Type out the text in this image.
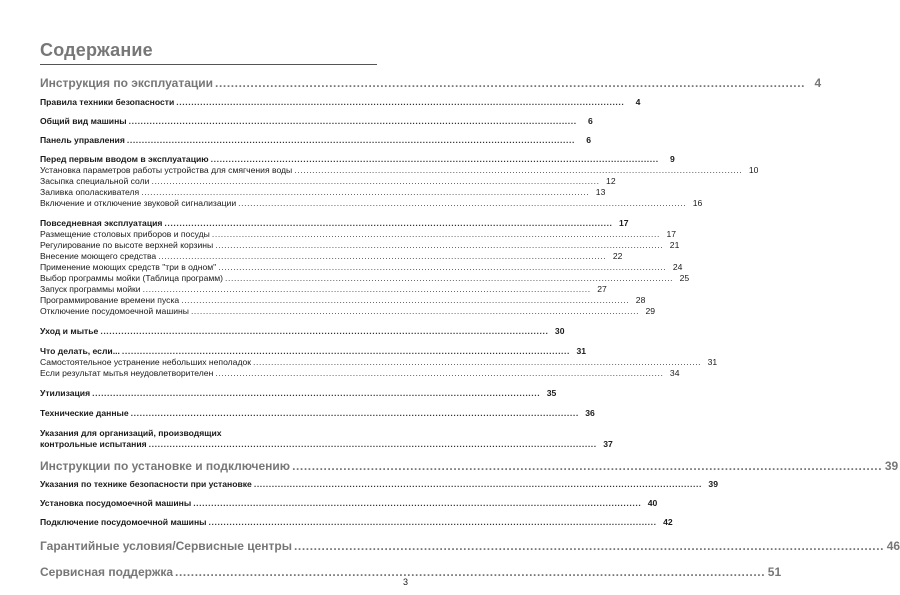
Содержание
Инструкция по эксплуатации .....	4
Правила техники безопасности .....	4
Общий вид машины .....	6
Панель управления .....	6
Перед первым вводом в эксплуатацию .....	9
Установка параметров работы устройства для смягчения воды .....	10
Засыпка специальной соли .....	12
Заливка ополаскивателя .....	13
Включение и отключение звуковой сигнализации .....	16
Повседневная эксплуатация .....	17
Размещение столовых приборов и посуды .....	17
Регулирование по высоте верхней корзины .....	21
Внесение моющего средства .....	22
Применение моющих средств "три в одном" .....	24
Выбор программы мойки (Таблица программ) .....	25
Запуск программы мойки .....	27
Программирование времени пуска .....	28
Отключение посудомоечной машины .....	29
Уход и мытье .....	30
Что делать, если... .....	31
Самостоятельное устранение небольших неполадок .....	31
Если результат мытья неудовлетворителен .....	34
Утилизация .....	35
Технические данные .....	36
Указания для организаций, производящих
контрольные испытания .....	37
Инструкции по установке и подключению .....	39
Указания по технике безопасности при установке .....	39
Установка посудомоечной машины .....	40
Подключение посудомоечной машины .....	42
Гарантийные условия/Сервисные центры .....	46
Сервисная поддержка .....	51
3
